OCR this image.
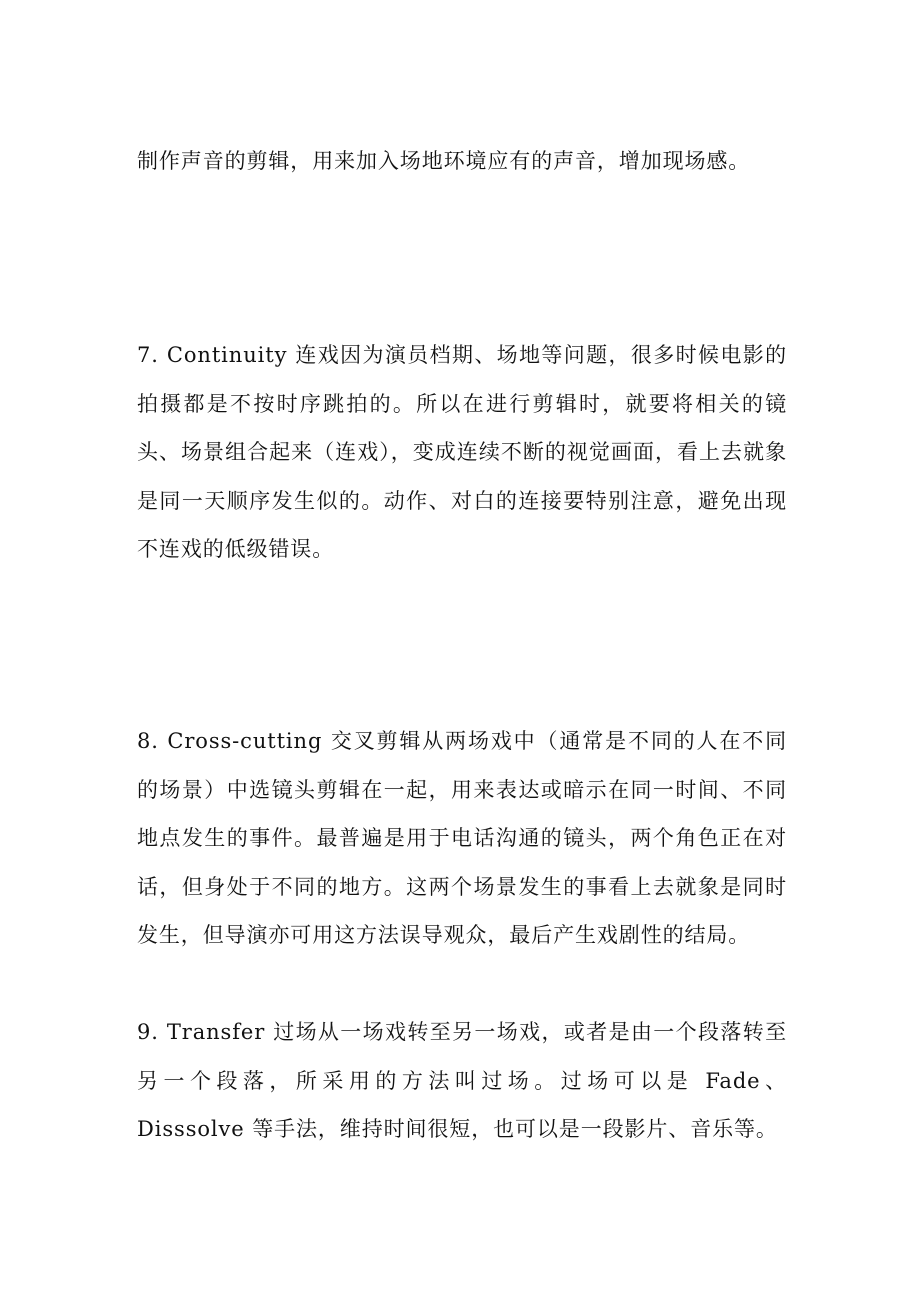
制作声音的剪辑，用来加入场地环境应有的声音，增加现场感。

7. Continuity 连戏因为演员档期、场地等问题，很多时候电影的拍摄都是不按时序跳拍的。所以在进行剪辑时，就要将相关的镜头、场景组合起来（连戏），变成连续不断的视觉画面，看上去就象是同一天顺序发生似的。动作、对白的连接要特别注意，避免出现不连戏的低级错误。

8. Cross-cutting 交叉剪辑从两场戏中（通常是不同的人在不同的场景）中选镜头剪辑在一起，用来表达或暗示在同一时间、不同地点发生的事件。最普遍是用于电话沟通的镜头，两个角色正在对话，但身处于不同的地方。这两个场景发生的事看上去就象是同时发生，但导演亦可用这方法误导观众，最后产生戏剧性的结局。

9. Transfer 过场从一场戏转至另一场戏，或者是由一个段落转至另一个段落，所采用的方法叫过场。过场可以是 Fade、Disssolve 等手法，维持时间很短，也可以是一段影片、音乐等。
